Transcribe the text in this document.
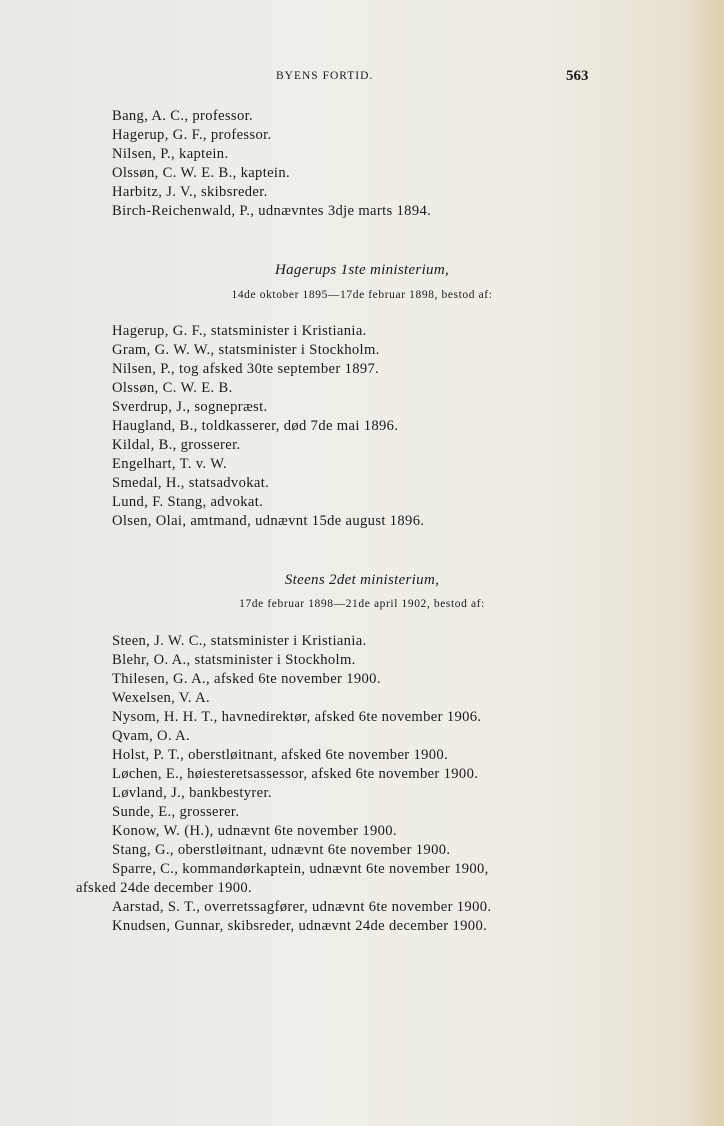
BYENS FORTID.	563
Bang, A. C., professor.
Hagerup, G. F., professor.
Nilsen, P., kaptein.
Olssøn, C. W. E. B., kaptein.
Harbitz, J. V., skibsreder.
Birch-Reichenwald, P., udnævntes 3dje marts 1894.
Hagerups 1ste ministerium,
14de oktober 1895—17de februar 1898, bestod af:
Hagerup, G. F., statsminister i Kristiania.
Gram, G. W. W., statsminister i Stockholm.
Nilsen, P., tog afsked 30te september 1897.
Olssøn, C. W. E. B.
Sverdrup, J., sognepræst.
Haugland, B., toldkasserer, død 7de mai 1896.
Kildal, B., grosserer.
Engelhart, T. v. W.
Smedal, H., statsadvokat.
Lund, F. Stang, advokat.
Olsen, Olai, amtmand, udnævnt 15de august 1896.
Steens 2det ministerium,
17de februar 1898—21de april 1902, bestod af:
Steen, J. W. C., statsminister i Kristiania.
Blehr, O. A., statsminister i Stockholm.
Thilesen, G. A., afsked 6te november 1900.
Wexelsen, V. A.
Nysom, H. H. T., havnedirektør, afsked 6te november 1906.
Qvam, O. A.
Holst, P. T., oberstløitnant, afsked 6te november 1900.
Løchen, E., høiesteretsassessor, afsked 6te november 1900.
Løvland, J., bankbestyrer.
Sunde, E., grosserer.
Konow, W. (H.), udnævnt 6te november 1900.
Stang, G., oberstløitnant, udnævnt 6te november 1900.
Sparre, C., kommandørkaptein, udnævnt 6te november 1900,
afsked 24de december 1900.
Aarstad, S. T., overretssagfører, udnævnt 6te november 1900.
Knudsen, Gunnar, skibsreder, udnævnt 24de december 1900.
